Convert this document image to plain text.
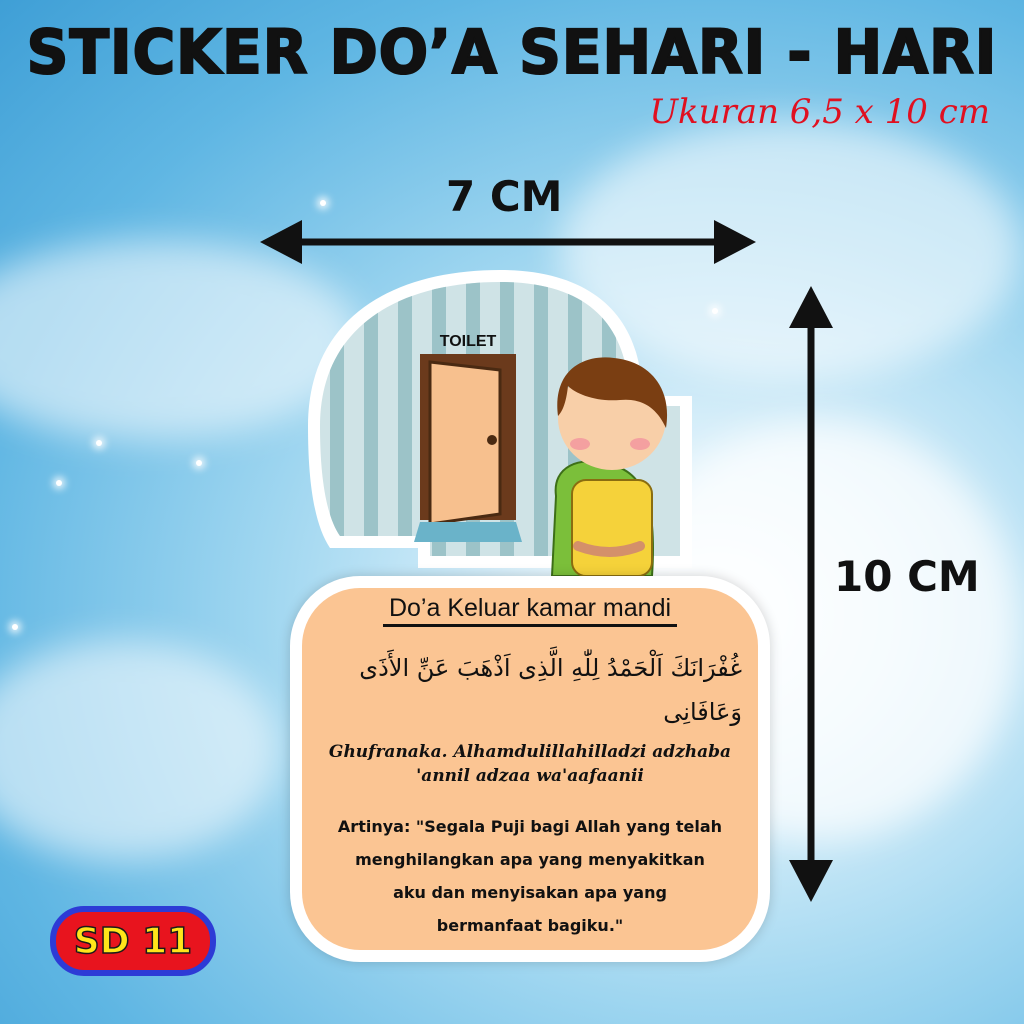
STICKER DO’A SEHARI - HARI
Ukuran 6,5 x 10 cm
7 CM
10 CM
TOILET
Do’a Keluar kamar mandi
غُفْرَانَكَ اَلْحَمْدُ لِلّٰهِ الَّذِى اَذْهَبَ عَنِّ الأَذَى وَعَافَانِى
Ghufranaka. Alhamdulillahilladzi adzhaba
'annil adzaa wa'aafaanii
Artinya: "Segala Puji bagi Allah yang telah
menghilangkan apa yang menyakitkan
aku dan menyisakan apa yang
bermanfaat bagiku."
SD 11
